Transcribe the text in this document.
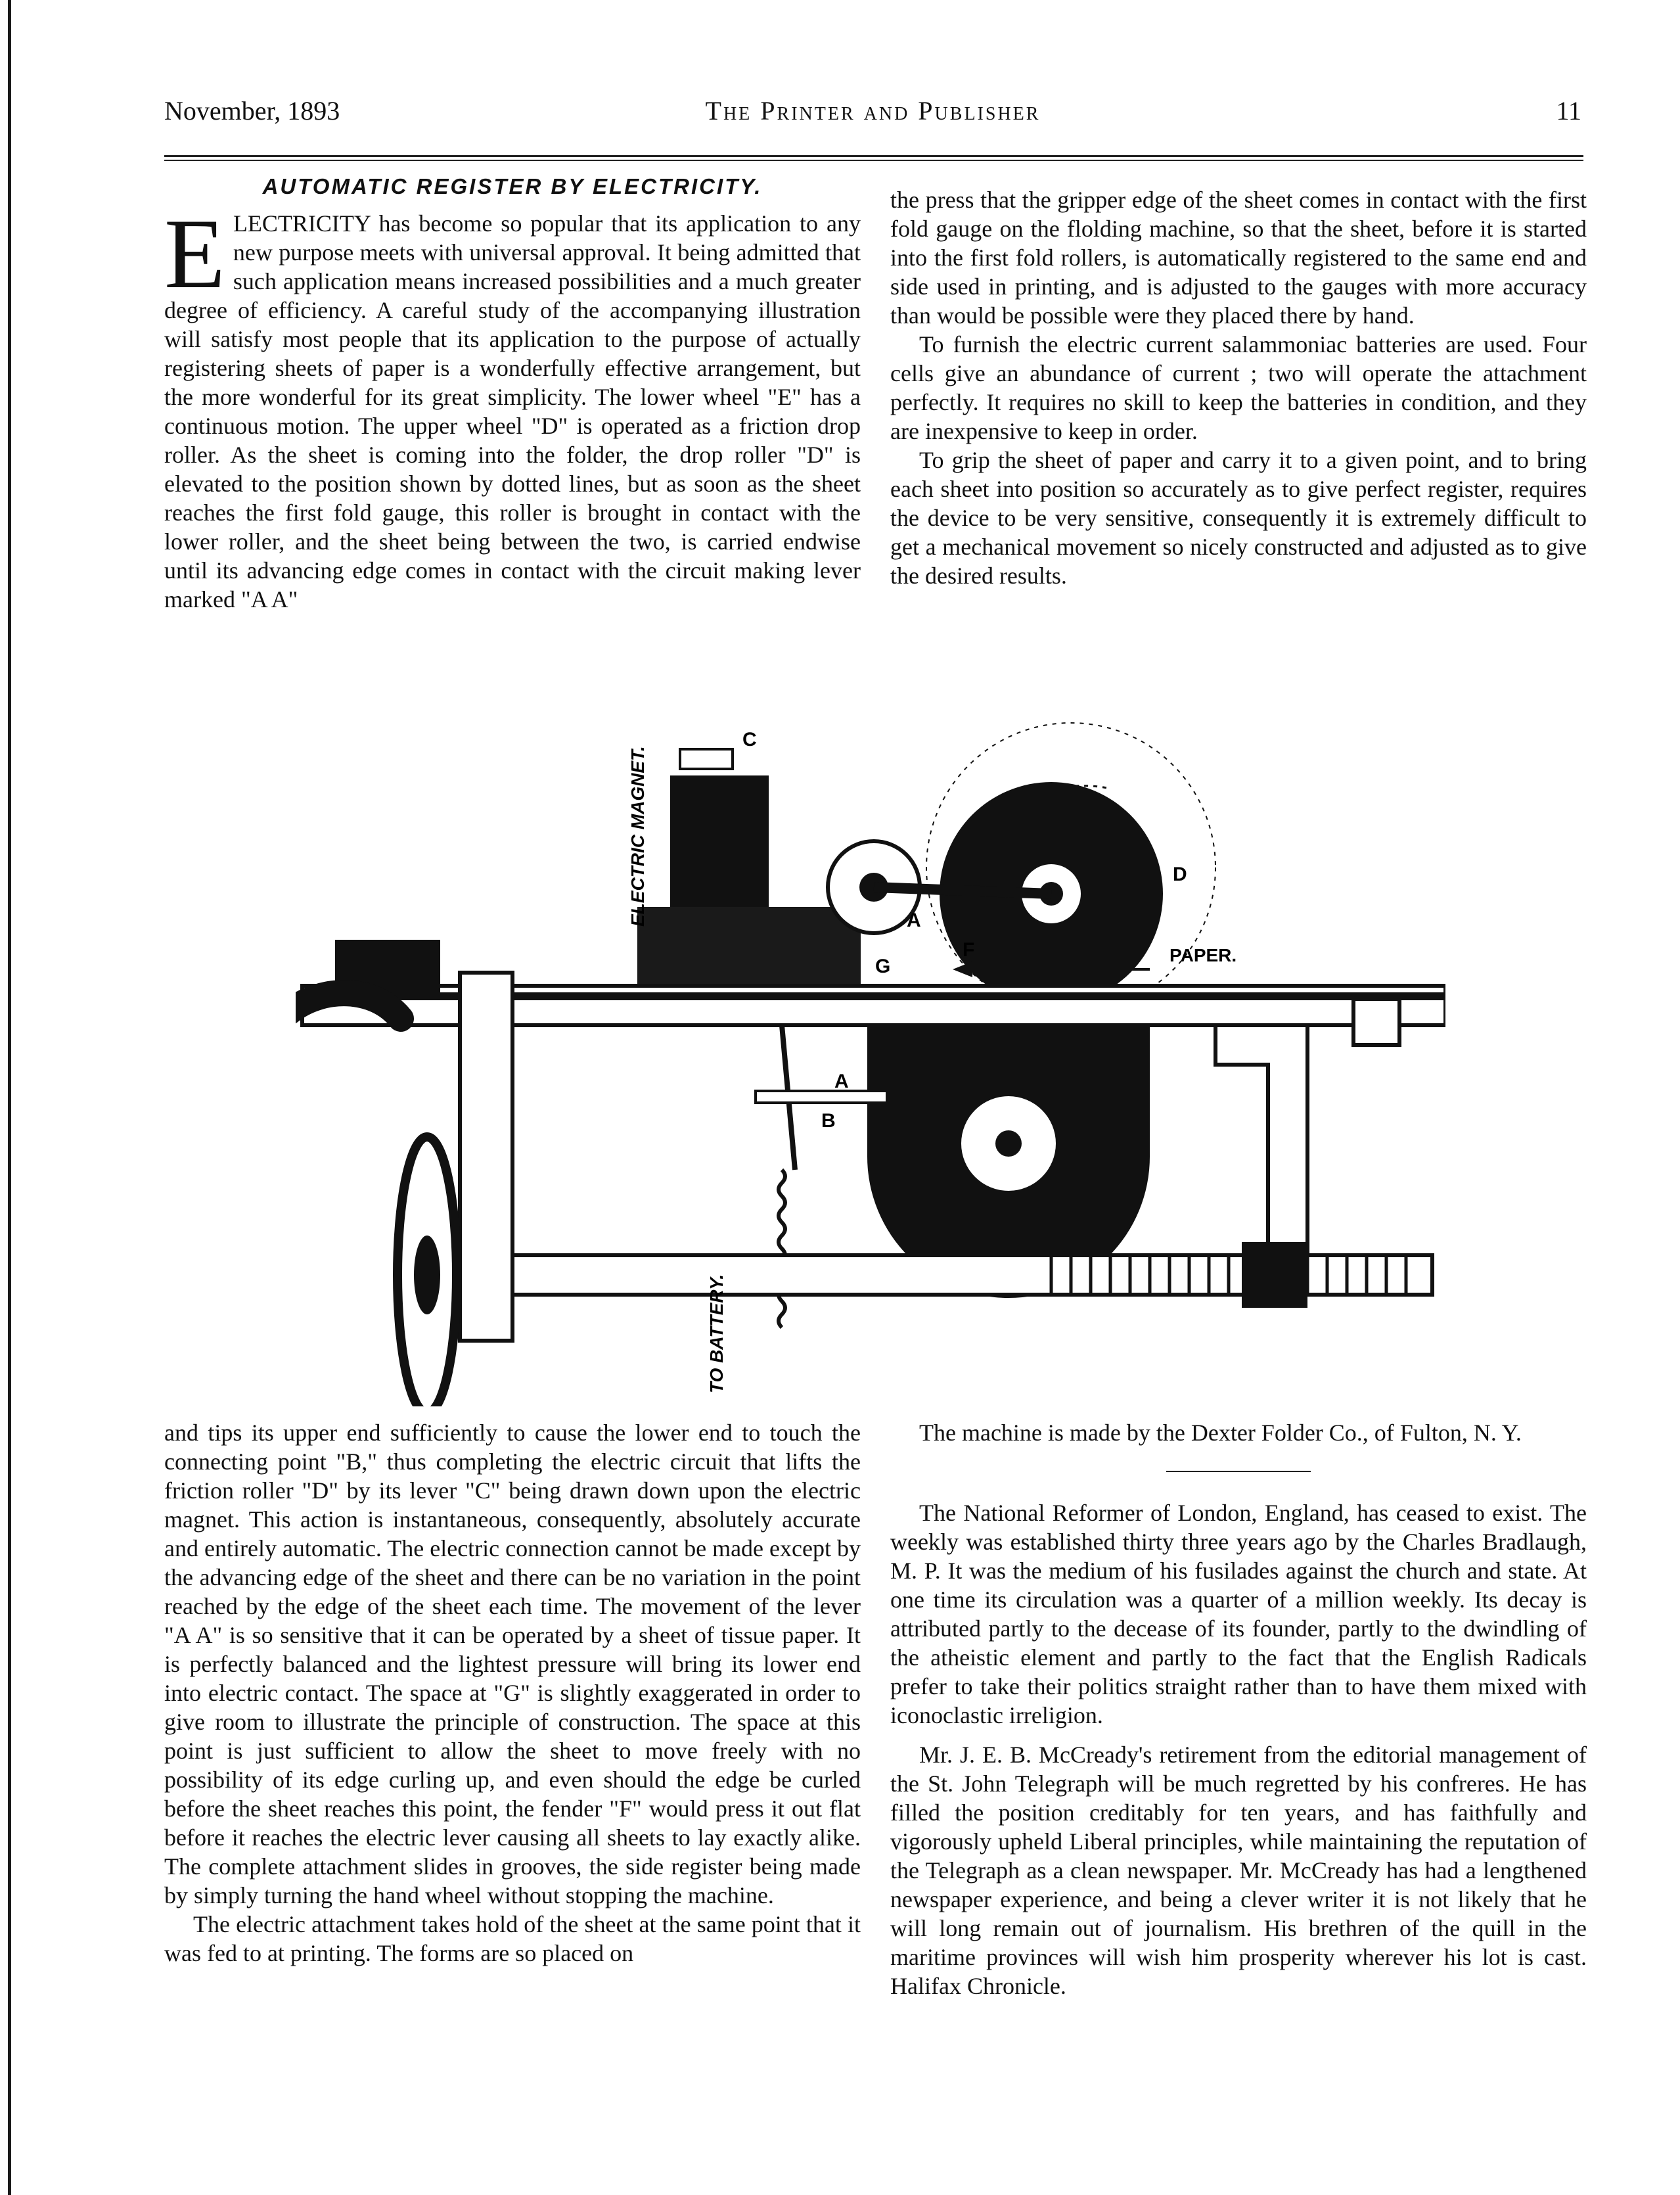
November, 1893	The Printer and Publisher	11
AUTOMATIC REGISTER BY ELECTRICITY.

ELECTRICITY has become so popular that its application to any new purpose meets with universal approval. It being admitted that such application means increased possibilities and a much greater degree of efficiency. A careful study of the accompanying illustration will satisfy most people that its application to the purpose of actually registering sheets of paper is a wonderfully effective arrangement, but the more wonderful for its great simplicity. The lower wheel "E" has a continuous motion. The upper wheel "D" is operated as a friction drop roller. As the sheet is coming into the folder, the drop roller "D" is elevated to the position shown by dotted lines, but as soon as the sheet reaches the first fold gauge, this roller is brought in contact with the lower roller, and the sheet being between the two, is carried endwise until its advancing edge comes in contact with the circuit making lever marked "A A"

the press that the gripper edge of the sheet comes in contact with the first fold gauge on the flolding machine, so that the sheet, before it is started into the first fold rollers, is automatically registered to the same end and side used in printing, and is adjusted to the gauges with more accuracy than would be possible were they placed there by hand.

To furnish the electric current salammoniac batteries are used. Four cells give an abundance of current ; two will operate the attachment perfectly. It requires no skill to keep the batteries in condition, and they are inexpensive to keep in order.

To grip the sheet of paper and carry it to a given point, and to bring each sheet into position so accurately as to give perfect register, requires the device to be very sensitive, consequently it is extremely difficult to get a mechanical movement so nicely constructed and adjusted as to give the desired results.

ELECTRIC MAGNET.
TO BATTERY.
PAPER.
C
D
A
A
B
F
G

and tips its upper end sufficiently to cause the lower end to touch the connecting point "B," thus completing the electric circuit that lifts the friction roller "D" by its lever "C" being drawn down upon the electric magnet. This action is instantaneous, consequently, absolutely accurate and entirely automatic. The electric connection cannot be made except by the advancing edge of the sheet and there can be no variation in the point reached by the edge of the sheet each time. The movement of the lever "A A" is so sensitive that it can be operated by a sheet of tissue paper. It is perfectly balanced and the lightest pressure will bring its lower end into electric contact. The space at "G" is slightly exaggerated in order to give room to illustrate the principle of construction. The space at this point is just sufficient to allow the sheet to move freely with no possibility of its edge curling up, and even should the edge be curled before the sheet reaches this point, the fender "F" would press it out flat before it reaches the electric lever causing all sheets to lay exactly alike. The complete attachment slides in grooves, the side register being made by simply turning the hand wheel without stopping the machine.

The electric attachment takes hold of the sheet at the same point that it was fed to at printing. The forms are so placed on

The machine is made by the Dexter Folder Co., of Fulton, N. Y.

The National Reformer of London, England, has ceased to exist. The weekly was established thirty three years ago by the Charles Bradlaugh, M. P. It was the medium of his fusilades against the church and state. At one time its circulation was a quarter of a million weekly. Its decay is attributed partly to the decease of its founder, partly to the dwindling of the atheistic element and partly to the fact that the English Radicals prefer to take their politics straight rather than to have them mixed with iconoclastic irreligion.

Mr. J. E. B. McCready's retirement from the editorial management of the St. John Telegraph will be much regretted by his confreres. He has filled the position creditably for ten years, and has faithfully and vigorously upheld Liberal principles, while maintaining the reputation of the Telegraph as a clean newspaper. Mr. McCready has had a lengthened newspaper experience, and being a clever writer it is not likely that he will long remain out of journalism. His brethren of the quill in the maritime provinces will wish him prosperity wherever his lot is cast. Halifax Chronicle.
